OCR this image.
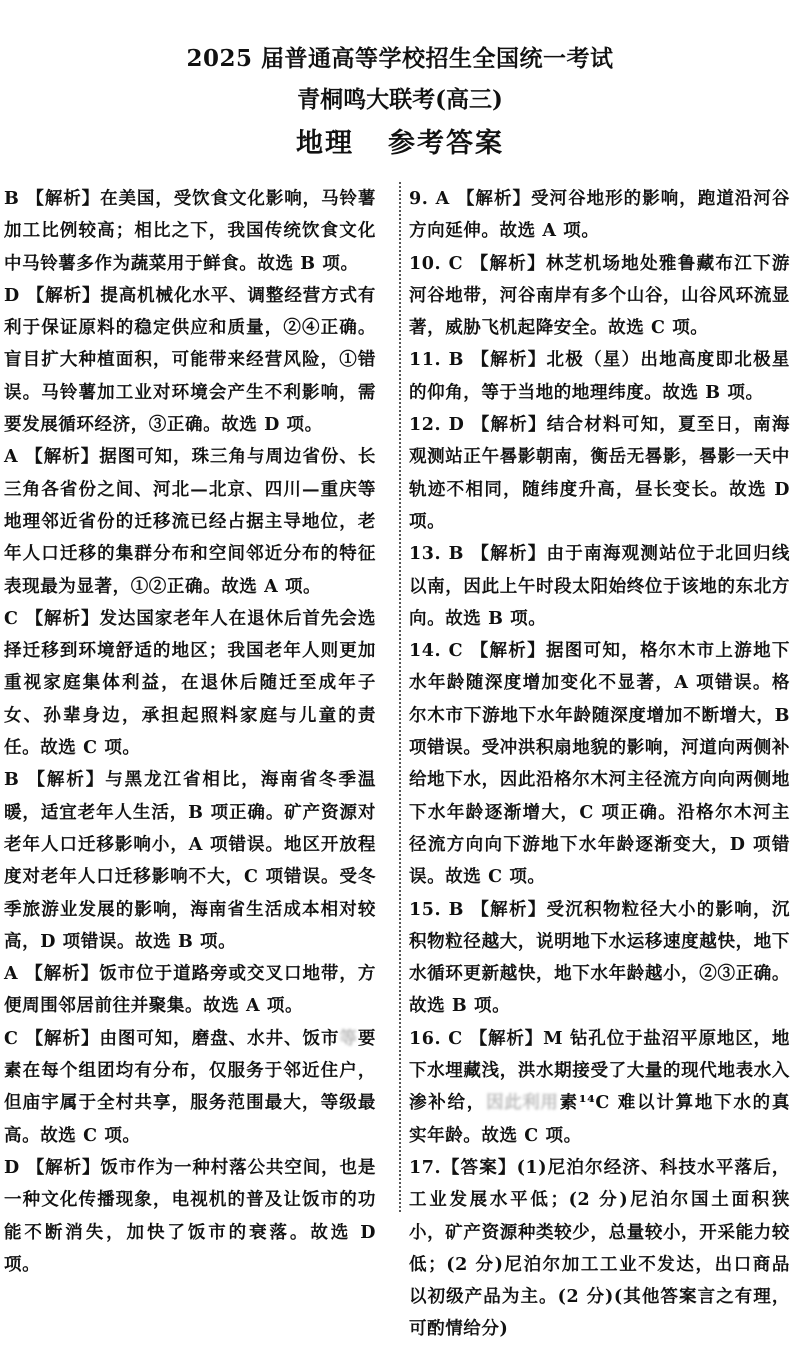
2025 届普通高等学校招生全国统一考试
青桐鸣大联考(高三)
地理 参考答案

B 【解析】在美国，受饮食文化影响，马铃薯加工比例较高；相比之下，我国传统饮食文化中马铃薯多作为蔬菜用于鲜食。故选 B 项。

D 【解析】提高机械化水平、调整经营方式有利于保证原料的稳定供应和质量，②④正确。盲目扩大种植面积，可能带来经营风险，①错误。马铃薯加工业对环境会产生不利影响，需要发展循环经济，③正确。故选 D 项。

A 【解析】据图可知，珠三角与周边省份、长三角各省份之间、河北—北京、四川—重庆等地理邻近省份的迁移流已经占据主导地位，老年人口迁移的集群分布和空间邻近分布的特征表现最为显著，①②正确。故选 A 项。

C 【解析】发达国家老年人在退休后首先会选择迁移到环境舒适的地区；我国老年人则更加重视家庭集体利益，在退休后随迁至成年子女、孙辈身边，承担起照料家庭与儿童的责任。故选 C 项。

B 【解析】与黑龙江省相比，海南省冬季温暖，适宜老年人生活，B 项正确。矿产资源对老年人口迁移影响小，A 项错误。地区开放程度对老年人口迁移影响不大，C 项错误。受冬季旅游业发展的影响，海南省生活成本相对较高，D 项错误。故选 B 项。

A 【解析】饭市位于道路旁或交叉口地带，方便周围邻居前往并聚集。故选 A 项。

C 【解析】由图可知，磨盘、水井、饭市等要素在每个组团均有分布，仅服务于邻近住户，但庙宇属于全村共享，服务范围最大，等级最高。故选 C 项。

D 【解析】饭市作为一种村落公共空间，也是一种文化传播现象，电视机的普及让饭市的功能不断消失，加快了饭市的衰落。故选 D 项。

9. A 【解析】受河谷地形的影响，跑道沿河谷方向延伸。故选 A 项。

10. C 【解析】林芝机场地处雅鲁藏布江下游河谷地带，河谷南岸有多个山谷，山谷风环流显著，威胁飞机起降安全。故选 C 项。

11. B 【解析】北极（星）出地高度即北极星的仰角，等于当地的地理纬度。故选 B 项。

12. D 【解析】结合材料可知，夏至日，南海观测站正午晷影朝南，衡岳无晷影，晷影一天中轨迹不相同，随纬度升高，昼长变长。故选 D 项。

13. B 【解析】由于南海观测站位于北回归线以南，因此上午时段太阳始终位于该地的东北方向。故选 B 项。

14. C 【解析】据图可知，格尔木市上游地下水年龄随深度增加变化不显著，A 项错误。格尔木市下游地下水年龄随深度增加不断增大，B 项错误。受冲洪积扇地貌的影响，河道向两侧补给地下水，因此沿格尔木河主径流方向向两侧地下水年龄逐渐增大，C 项正确。沿格尔木河主径流方向向下游地下水年龄逐渐变大，D 项错误。故选 C 项。

15. B 【解析】受沉积物粒径大小的影响，沉积物粒径越大，说明地下水运移速度越快，地下水循环更新越快，地下水年龄越小，②③正确。故选 B 项。

16. C 【解析】M 钻孔位于盐沼平原地区，地下水埋藏浅，洪水期接受了大量的现代地表水入渗补给，因此利用素¹⁴C 难以计算地下水的真实年龄。故选 C 项。

17.【答案】(1)尼泊尔经济、科技水平落后，工业发展水平低；(2 分)尼泊尔国土面积狭小，矿产资源种类较少，总量较小，开采能力较低；(2 分)尼泊尔加工工业不发达，出口商品以初级产品为主。(2 分)(其他答案言之有理，可酌情给分)
